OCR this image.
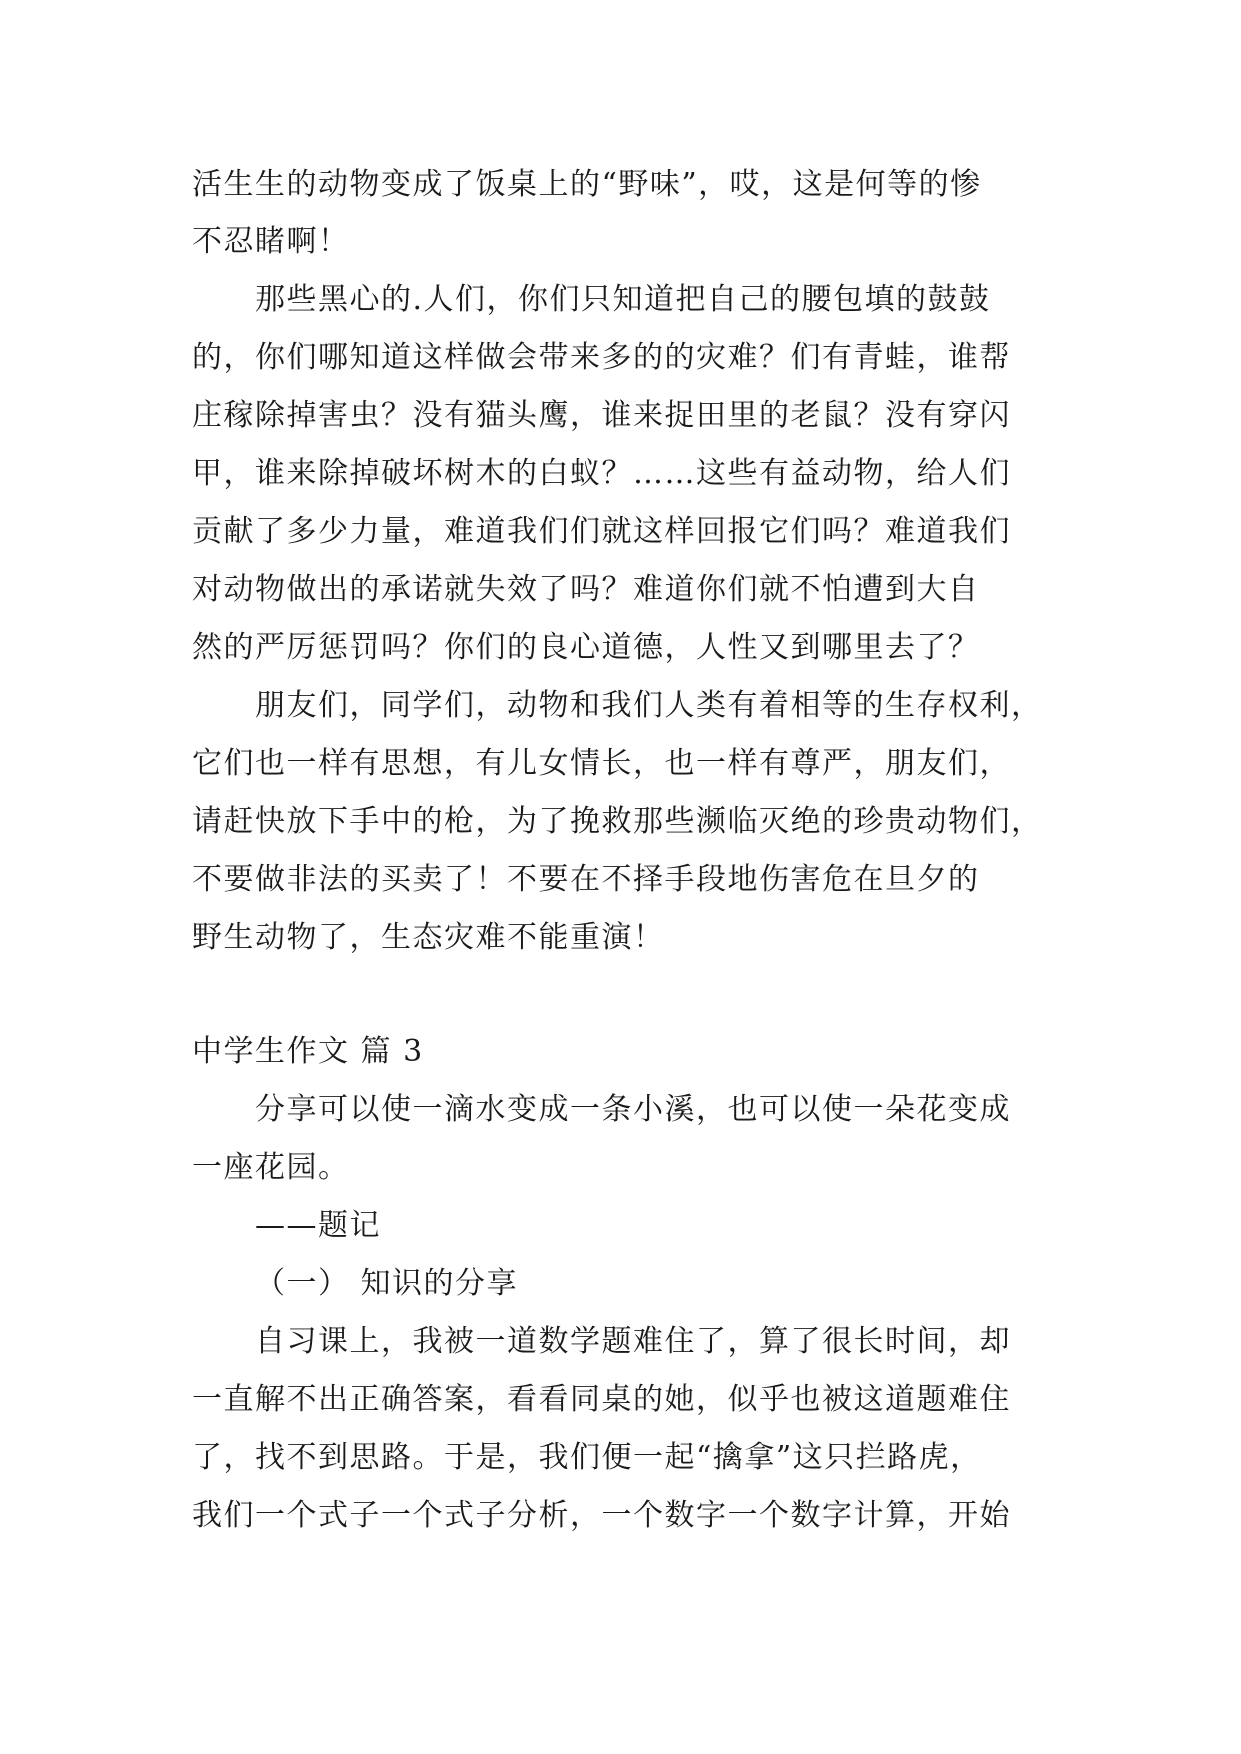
活生生的动物变成了饭桌上的“野味”，哎，这是何等的惨
不忍睹啊！
那些黑心的.人们，你们只知道把自己的腰包填的鼓鼓
的，你们哪知道这样做会带来多的的灾难？们有青蛙，谁帮
庄稼除掉害虫？没有猫头鹰，谁来捉田里的老鼠？没有穿闪
甲，谁来除掉破坏树木的白蚁？……这些有益动物，给人们
贡献了多少力量，难道我们们就这样回报它们吗？难道我们
对动物做出的承诺就失效了吗？难道你们就不怕遭到大自
然的严厉惩罚吗？你们的良心道德，人性又到哪里去了？
朋友们，同学们，动物和我们人类有着相等的生存权利，
它们也一样有思想，有儿女情长，也一样有尊严，朋友们，
请赶快放下手中的枪，为了挽救那些濒临灭绝的珍贵动物们，
不要做非法的买卖了！不要在不择手段地伤害危在旦夕的
野生动物了，生态灾难不能重演！
中学生作文 篇 3
分享可以使一滴水变成一条小溪，也可以使一朵花变成
一座花园。
——题记
（一） 知识的分享
自习课上，我被一道数学题难住了，算了很长时间，却
一直解不出正确答案，看看同桌的她，似乎也被这道题难住
了，找不到思路。于是，我们便一起“擒拿”这只拦路虎，
我们一个式子一个式子分析，一个数字一个数字计算，开始
